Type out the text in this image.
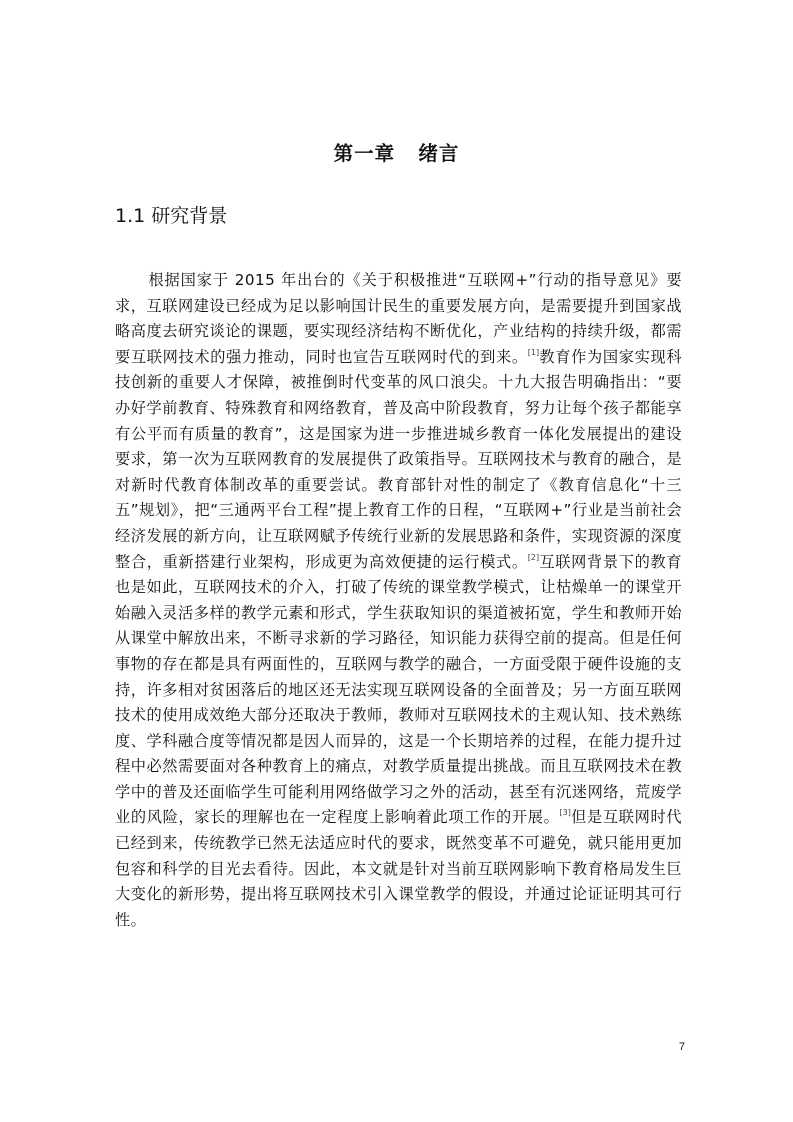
第一章   绪言
1.1 研究背景

根据国家于 2015 年出台的《关于积极推进“互联网+”行动的指导意见》要求，互联网建设已经成为足以影响国计民生的重要发展方向，是需要提升到国家战略高度去研究谈论的课题，要实现经济结构不断优化，产业结构的持续升级，都需要互联网技术的强力推动，同时也宣告互联网时代的到来。[1]教育作为国家实现科技创新的重要人才保障，被推倒时代变革的风口浪尖。十九大报告明确指出：“要办好学前教育、特殊教育和网络教育，普及高中阶段教育，努力让每个孩子都能享有公平而有质量的教育”，这是国家为进一步推进城乡教育一体化发展提出的建设要求，第一次为互联网教育的发展提供了政策指导。互联网技术与教育的融合，是对新时代教育体制改革的重要尝试。教育部针对性的制定了《教育信息化“十三五”规划》，把“三通两平台工程”提上教育工作的日程，“互联网+”行业是当前社会经济发展的新方向，让互联网赋予传统行业新的发展思路和条件，实现资源的深度整合，重新搭建行业架构，形成更为高效便捷的运行模式。[2]互联网背景下的教育也是如此，互联网技术的介入，打破了传统的课堂教学模式，让枯燥单一的课堂开始融入灵活多样的教学元素和形式，学生获取知识的渠道被拓宽，学生和教师开始从课堂中解放出来，不断寻求新的学习路径，知识能力获得空前的提高。但是任何事物的存在都是具有两面性的，互联网与教学的融合，一方面受限于硬件设施的支持，许多相对贫困落后的地区还无法实现互联网设备的全面普及；另一方面互联网技术的使用成效绝大部分还取决于教师，教师对互联网技术的主观认知、技术熟练度、学科融合度等情况都是因人而异的，这是一个长期培养的过程，在能力提升过程中必然需要面对各种教育上的痛点，对教学质量提出挑战。而且互联网技术在教学中的普及还面临学生可能利用网络做学习之外的活动，甚至有沉迷网络，荒废学业的风险，家长的理解也在一定程度上影响着此项工作的开展。[3]但是互联网时代已经到来，传统教学已然无法适应时代的要求，既然变革不可避免，就只能用更加包容和科学的目光去看待。因此，本文就是针对当前互联网影响下教育格局发生巨大变化的新形势，提出将互联网技术引入课堂教学的假设，并通过论证证明其可行性。

7
